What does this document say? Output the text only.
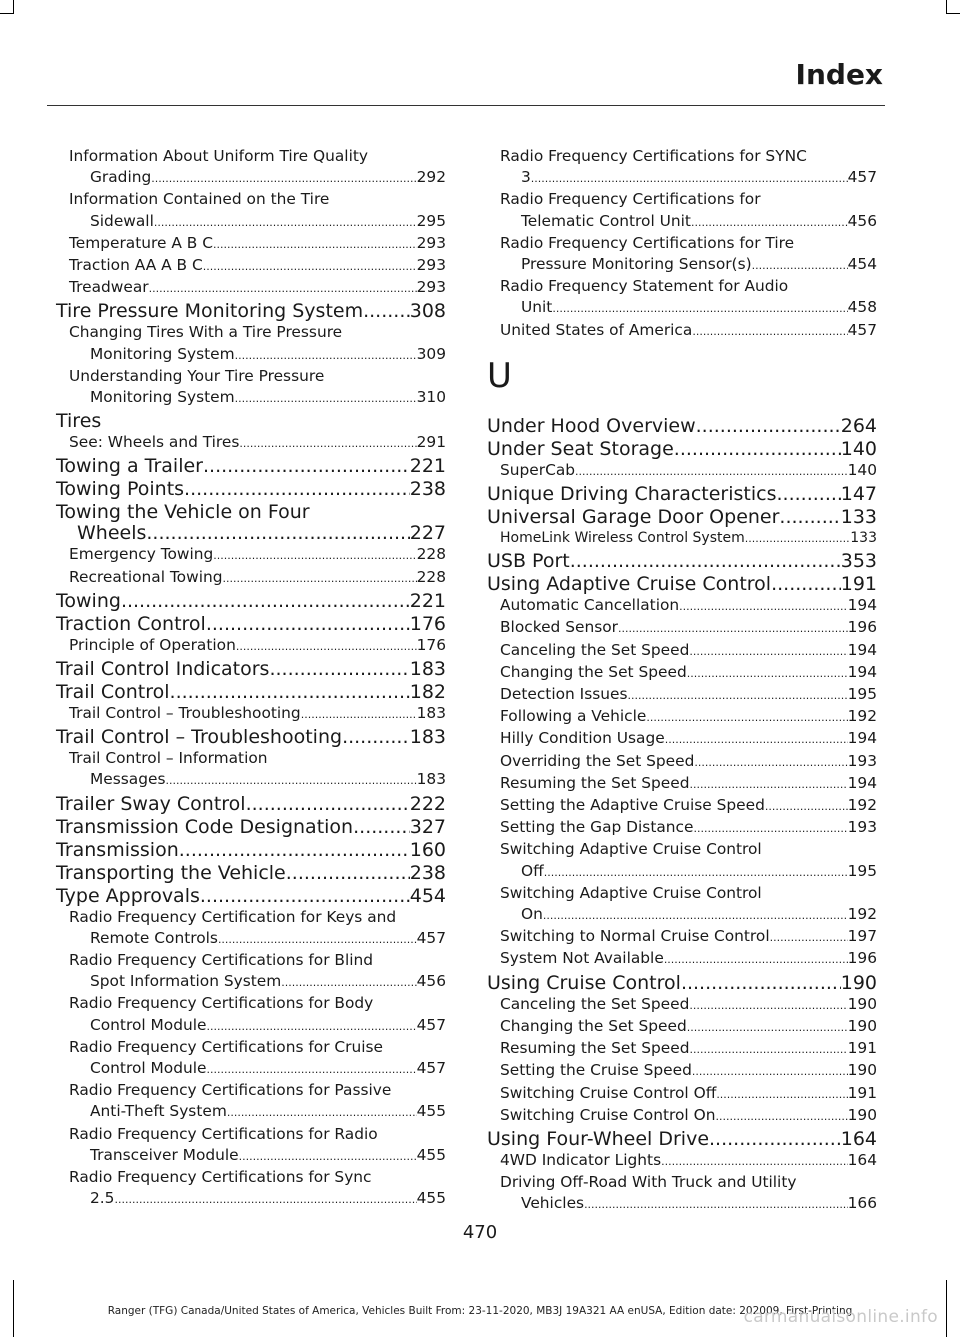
Index
Information About Uniform Tire Quality
Grading .....	292
Information Contained on the Tire
Sidewall .....	295
Temperature A B C .....	293
Traction AA A B C .....	293
Treadwear .....	293
Tire Pressure Monitoring System ..... 308
Changing Tires With a Tire Pressure
Monitoring System .....	309
Understanding Your Tire Pressure
Monitoring System .....	310
Tires
See: Wheels and Tires .....	291
Towing a Trailer .....	221
Towing Points .....	238
Towing the Vehicle on Four
Wheels .....	227
Emergency Towing .....	228
Recreational Towing .....	228
Towing .....	221
Traction Control .....	176
Principle of Operation .....	176
Trail Control Indicators .....	183
Trail Control .....	182
Trail Control – Troubleshooting .....	183
Trail Control – Troubleshooting .....	183
Trail Control – Information
Messages .....	183
Trailer Sway Control .....	222
Transmission Code Designation .....	327
Transmission .....	160
Transporting the Vehicle .....	238
Type Approvals .....	454
Radio Frequency Certification for Keys and
Remote Controls .....	457
Radio Frequency Certifications for Blind
Spot Information System .....	456
Radio Frequency Certifications for Body
Control Module .....	457
Radio Frequency Certifications for Cruise
Control Module .....	457
Radio Frequency Certifications for Passive
Anti-Theft System .....	455
Radio Frequency Certifications for Radio
Transceiver Module .....	455
Radio Frequency Certifications for Sync
2.5 .....	455
Radio Frequency Certifications for SYNC
3 .....	457
Radio Frequency Certifications for
Telematic Control Unit .....	456
Radio Frequency Certifications for Tire
Pressure Monitoring Sensor(s) .....	454
Radio Frequency Statement for Audio
Unit .....	458
United States of America .....	457
U
Under Hood Overview .....	264
Under Seat Storage .....	140
SuperCab .....	140
Unique Driving Characteristics .....	147
Universal Garage Door Opener .....	133
HomeLink Wireless Control System .....	133
USB Port .....	353
Using Adaptive Cruise Control .....	191
Automatic Cancellation .....	194
Blocked Sensor .....	196
Canceling the Set Speed .....	194
Changing the Set Speed .....	194
Detection Issues .....	195
Following a Vehicle .....	192
Hilly Condition Usage .....	194
Overriding the Set Speed .....	193
Resuming the Set Speed .....	194
Setting the Adaptive Cruise Speed .....	192
Setting the Gap Distance .....	193
Switching Adaptive Cruise Control
Off .....	195
Switching Adaptive Cruise Control
On .....	192
Switching to Normal Cruise Control .....	197
System Not Available .....	196
Using Cruise Control .....	190
Canceling the Set Speed .....	190
Changing the Set Speed .....	190
Resuming the Set Speed .....	191
Setting the Cruise Speed .....	190
Switching Cruise Control Off .....	191
Switching Cruise Control On .....	190
Using Four-Wheel Drive .....	164
4WD Indicator Lights .....	164
Driving Off-Road With Truck and Utility
Vehicles .....	166
470
Ranger (TFG) Canada/United States of America, Vehicles Built From: 23-11-2020, MB3J 19A321 AA enUSA, Edition date: 202009, First-Printing
carmanualsonline.info
